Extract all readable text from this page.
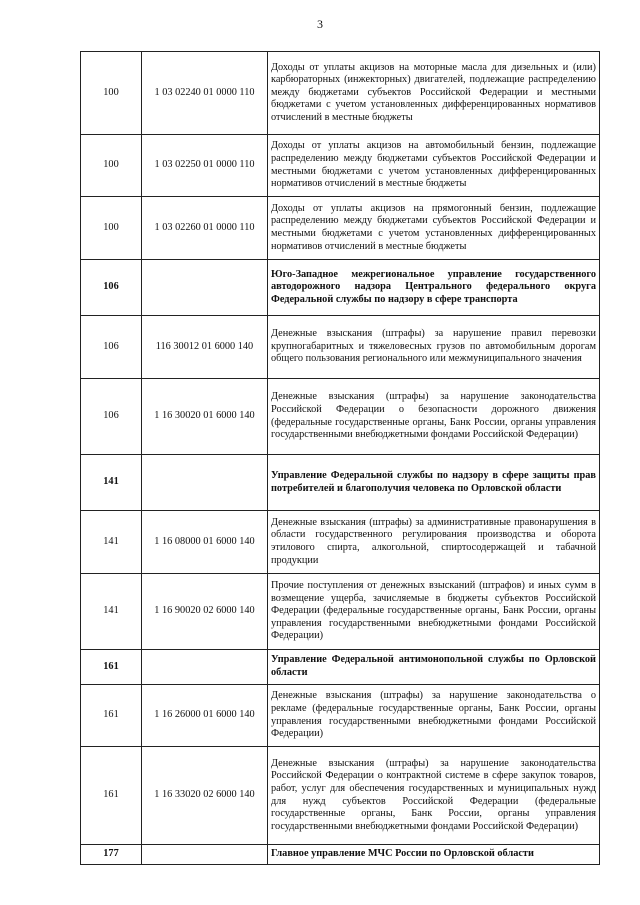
3
100	1 03 02240 01 0000 110	Доходы от уплаты акцизов на моторные масла для дизельных и (или) карбюраторных (инжекторных) двигателей, подлежащие распределению между бюджетами субъектов Российской Федерации и местными бюджетами с учетом установленных дифференцированных нормативов отчислений в местные бюджеты
100	1 03 02250 01 0000 110	Доходы от уплаты акцизов на автомобильный бензин, подлежащие распределению между бюджетами субъектов Российской Федерации и местными бюджетами с учетом установленных дифференцированных нормативов отчислений в местные бюджеты
100	1 03 02260 01 0000 110	Доходы от уплаты акцизов на прямогонный бензин, подлежащие распределению между бюджетами субъектов Российской Федерации и местными бюджетами с учетом установленных дифференцированных нормативов отчислений в местные бюджеты
106		Юго-Западное межрегиональное управление государственного автодорожного надзора Центрального федерального округа Федеральной службы по надзору в сфере транспорта
106	116 30012 01 6000 140	Денежные взыскания (штрафы) за нарушение правил перевозки крупногабаритных и тяжеловесных грузов по автомобильным дорогам общего пользования регионального или межмуниципального значения
106	1 16 30020 01 6000 140	Денежные взыскания (штрафы) за нарушение законодательства Российской Федерации о безопасности дорожного движения (федеральные государственные органы, Банк России, органы управления государственными внебюджетными фондами Российской Федерации)
141		Управление Федеральной службы по надзору в сфере защиты прав потребителей и благополучия человека по Орловской области
141	1 16 08000 01 6000 140	Денежные взыскания (штрафы) за административные правонарушения в области государственного регулирования производства и оборота этилового спирта, алкогольной, спиртосодержащей и табачной продукции
141	1 16 90020 02 6000 140	Прочие поступления от денежных взысканий (штрафов) и иных сумм в возмещение ущерба, зачисляемые в бюджеты субъектов Российской Федерации (федеральные государственные органы, Банк России, органы управления государственными внебюджетными фондами Российской Федерации)
161		Управление Федеральной антимонопольной службы по Орловской области
161	1 16 26000 01 6000 140	Денежные взыскания (штрафы) за нарушение законодательства о рекламе (федеральные государственные органы, Банк России, органы управления государственными внебюджетными фондами Российской Федерации)
161	1 16 33020 02 6000 140	Денежные взыскания (штрафы) за нарушение законодательства Российской Федерации о контрактной системе в сфере закупок товаров, работ, услуг для обеспечения государственных и муниципальных нужд для нужд субъектов Российской Федерации (федеральные государственные органы, Банк России, органы управления государственными внебюджетными фондами Российской Федерации)
177		Главное управление МЧС России по Орловской области
